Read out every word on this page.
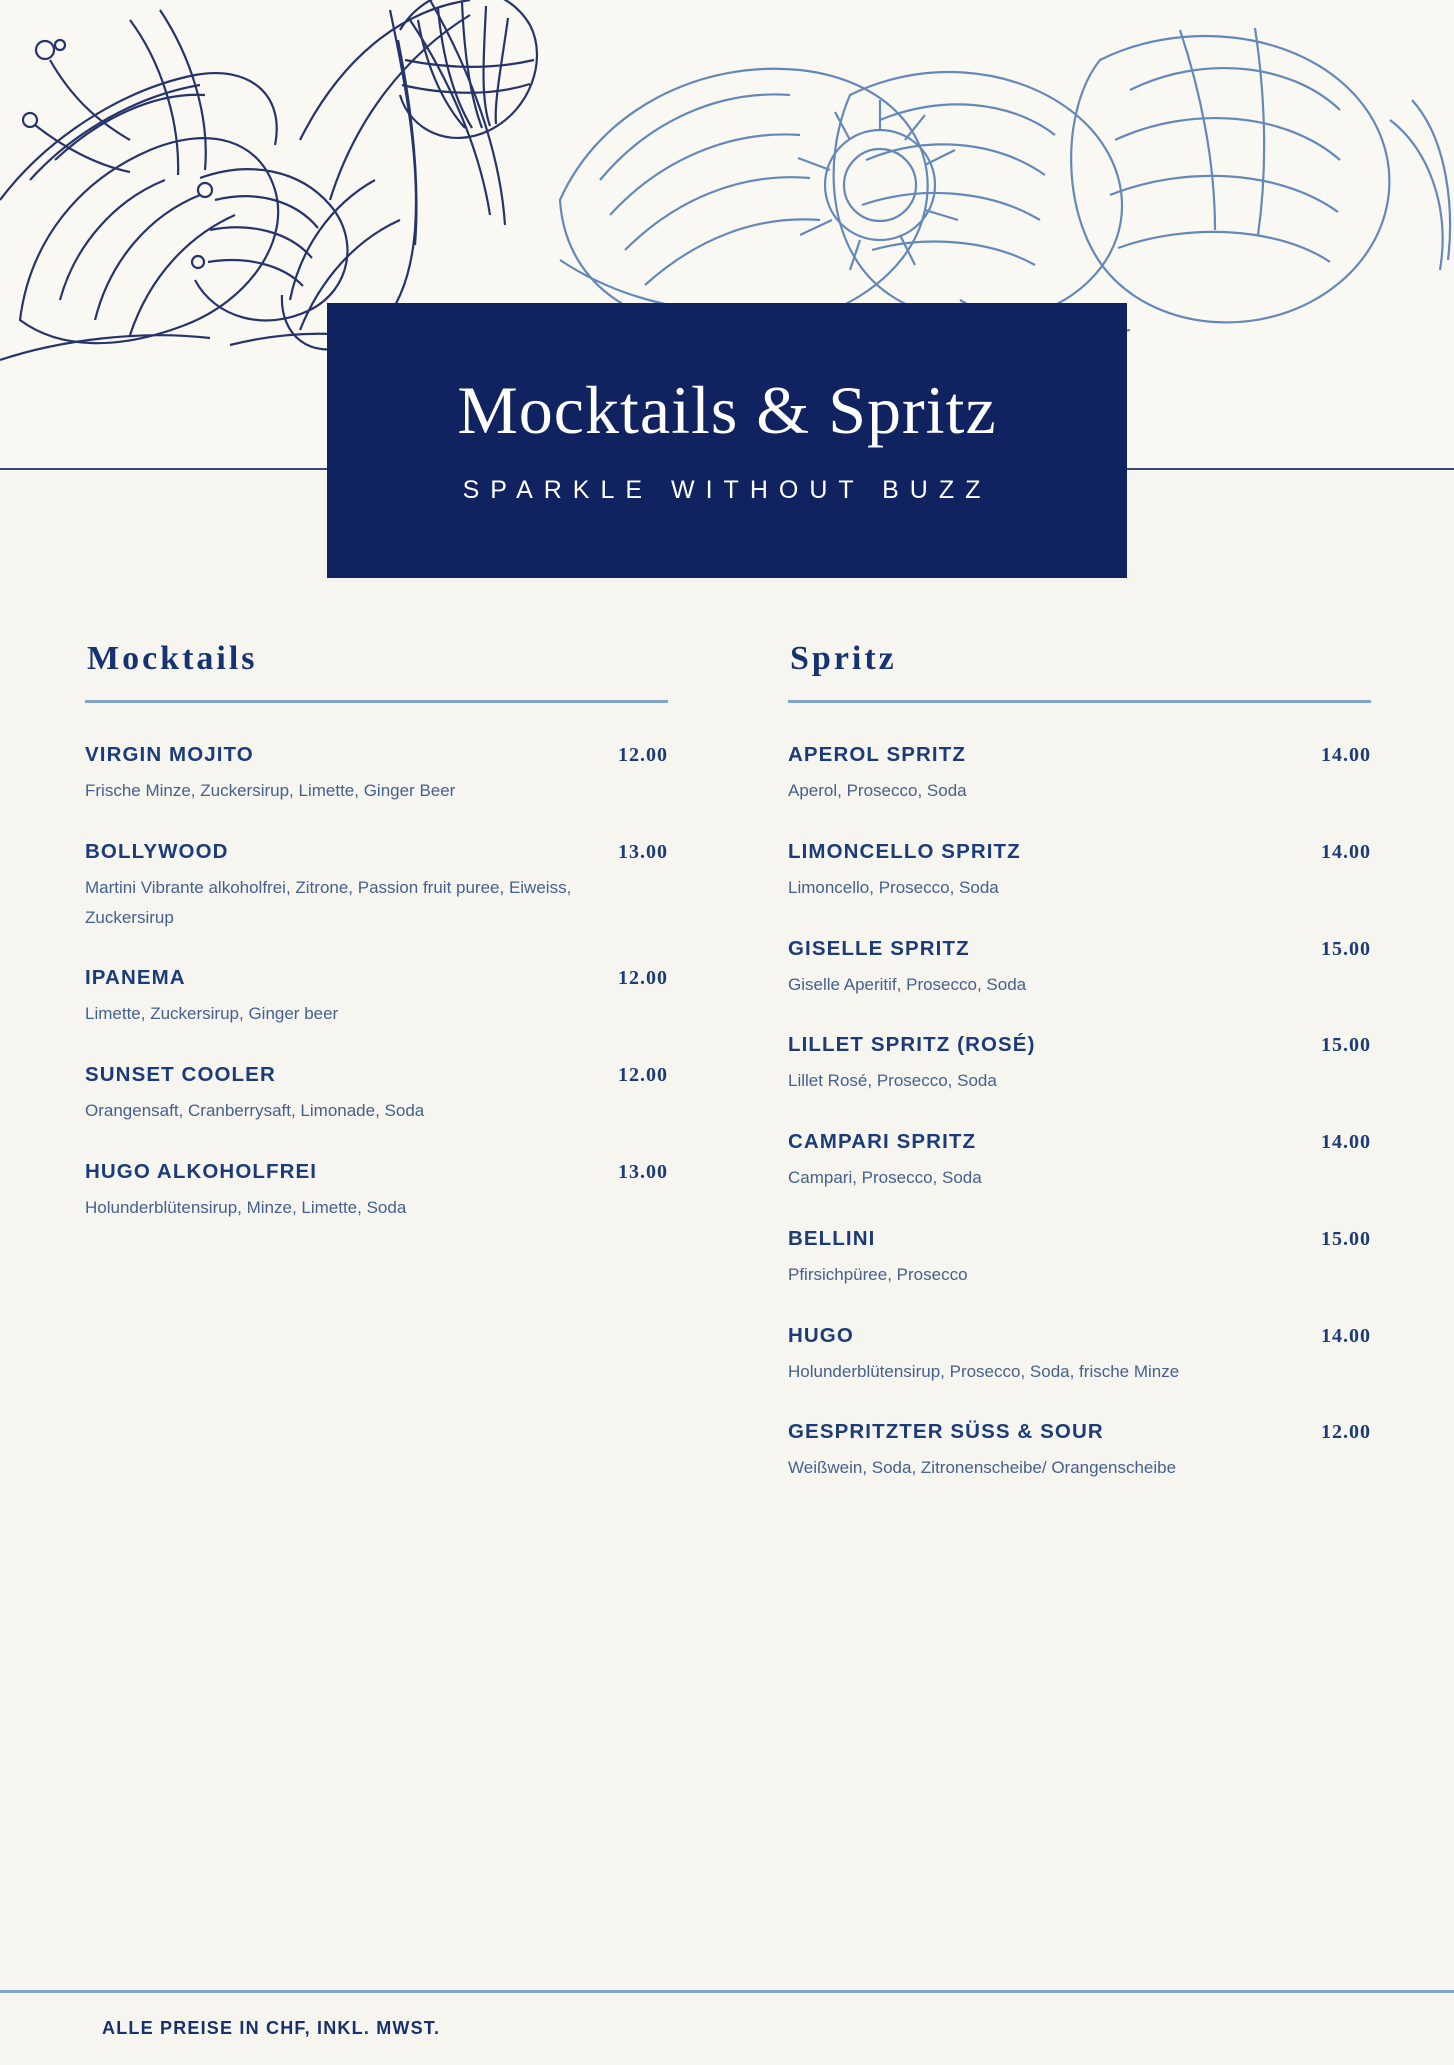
Mocktails & Spritz
SPARKLE WITHOUT BUZZ
Mocktails
VIRGIN MOJITO	12.00
Frische Minze, Zuckersirup, Limette, Ginger Beer
BOLLYWOOD	13.00
Martini Vibrante alkoholfrei, Zitrone, Passion fruit puree, Eiweiss, Zuckersirup
IPANEMA	12.00
Limette, Zuckersirup, Ginger beer
SUNSET COOLER	12.00
Orangensaft, Cranberrysaft, Limonade, Soda
HUGO ALKOHOLFREI	13.00
Holunderblütensirup, Minze, Limette, Soda
Spritz
APEROL SPRITZ	14.00
Aperol, Prosecco, Soda
LIMONCELLO SPRITZ	14.00
Limoncello, Prosecco, Soda
GISELLE SPRITZ	15.00
Giselle Aperitif, Prosecco, Soda
LILLET SPRITZ (ROSÉ)	15.00
Lillet Rosé, Prosecco, Soda
CAMPARI SPRITZ	14.00
Campari, Prosecco, Soda
BELLINI	15.00
Pfirsichpüree, Prosecco
HUGO	14.00
Holunderblütensirup, Prosecco, Soda, frische Minze
GESPRITZTER SÜSS & SOUR	12.00
Weißwein, Soda, Zitronenscheibe/ Orangenscheibe
ALLE PREISE IN CHF, INKL. MWST.
